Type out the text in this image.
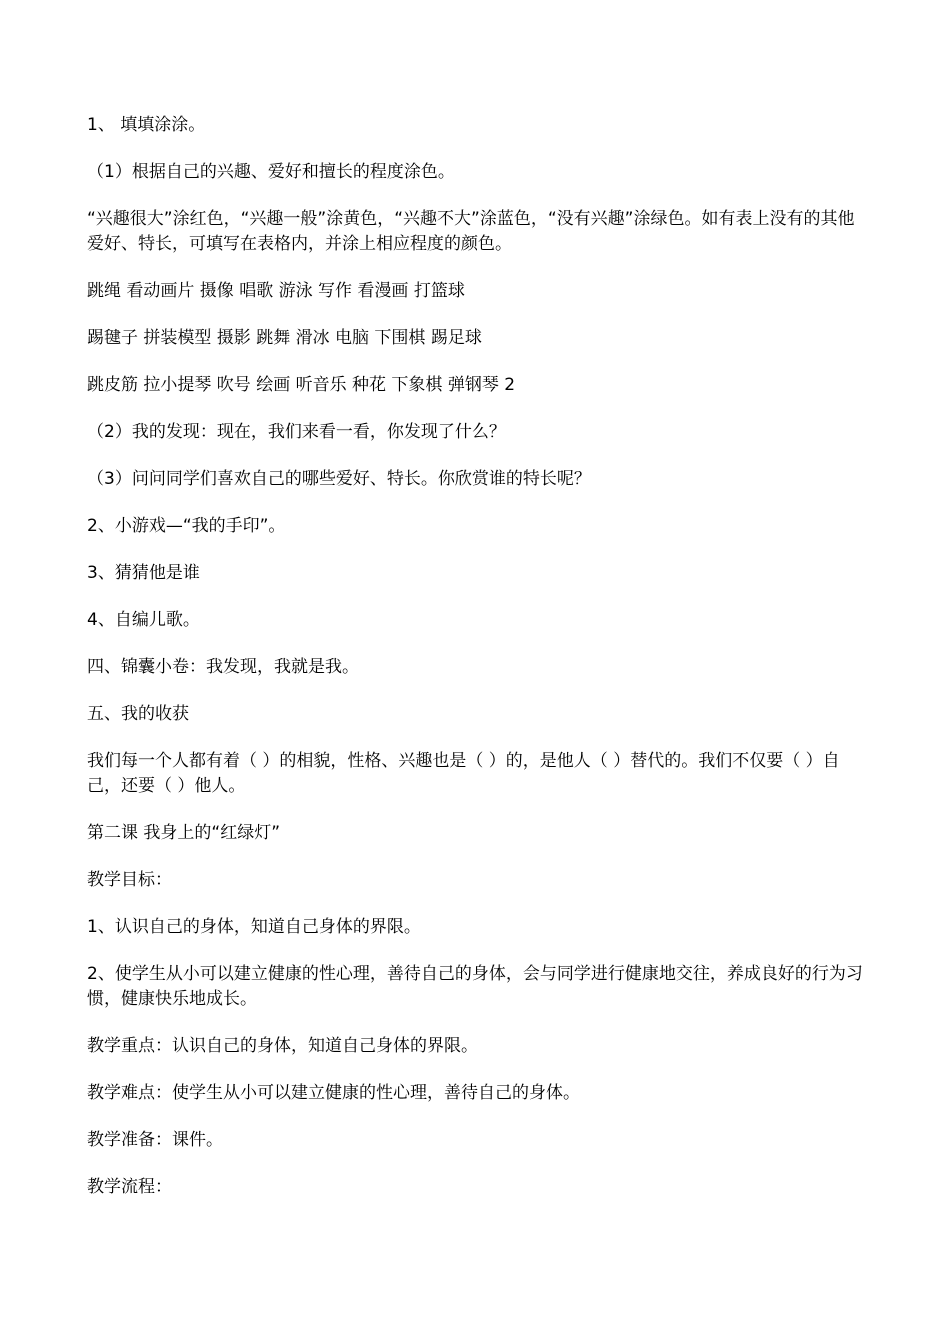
1、 填填涂涂。

（1）根据自己的兴趣、爱好和擅长的程度涂色。

“兴趣很大”涂红色，“兴趣一般”涂黄色，“兴趣不大”涂蓝色，“没有兴趣”涂绿色。如有表上没有的其他爱好、特长，可填写在表格内，并涂上相应程度的颜色。

跳绳 看动画片 摄像 唱歌 游泳 写作 看漫画 打篮球

踢毽子 拼装模型 摄影 跳舞 滑冰 电脑 下围棋 踢足球

跳皮筋 拉小提琴 吹号 绘画 听音乐 种花 下象棋 弹钢琴 2

（2）我的发现：现在，我们来看一看，你发现了什么？

（3）问问同学们喜欢自己的哪些爱好、特长。你欣赏谁的特长呢？

2、小游戏—“我的手印”。

3、猜猜他是谁

4、自编儿歌。

四、锦囊小卷：我发现，我就是我。

五、我的收获

我们每一个人都有着（ ）的相貌，性格、兴趣也是（ ）的，是他人（ ）替代的。我们不仅要（ ）自己，还要（ ）他人。

第二课 我身上的“红绿灯”

教学目标：

1、认识自己的身体，知道自己身体的界限。

2、使学生从小可以建立健康的性心理，善待自己的身体，会与同学进行健康地交往，养成良好的行为习惯，健康快乐地成长。

教学重点：认识自己的身体，知道自己身体的界限。

教学难点：使学生从小可以建立健康的性心理，善待自己的身体。

教学准备：课件。

教学流程：
